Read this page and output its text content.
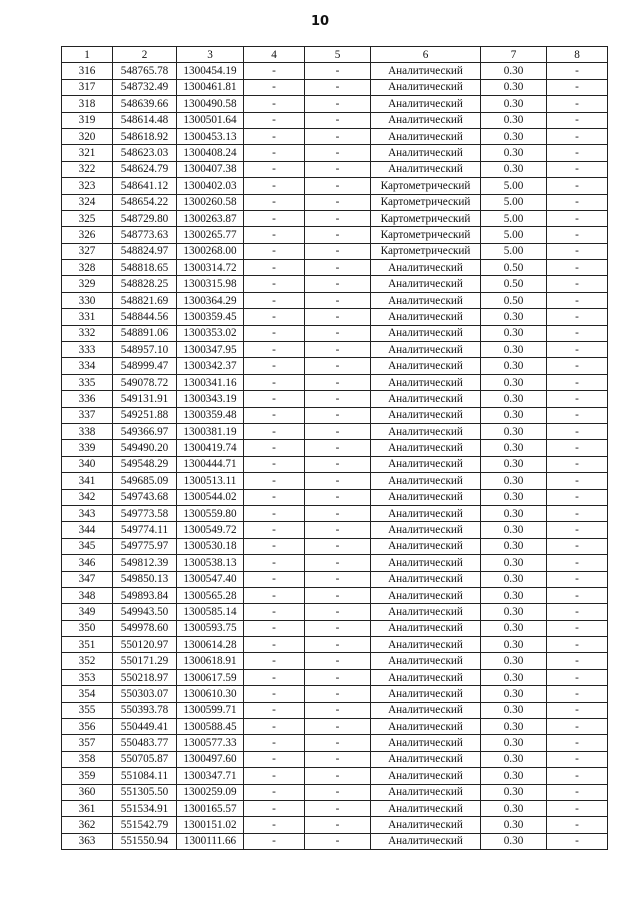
10
1	2	3	4	5	6	7	8
316	548765.78	1300454.19	-	-	Аналитический	0.30	-
317	548732.49	1300461.81	-	-	Аналитический	0.30	-
318	548639.66	1300490.58	-	-	Аналитический	0.30	-
319	548614.48	1300501.64	-	-	Аналитический	0.30	-
320	548618.92	1300453.13	-	-	Аналитический	0.30	-
321	548623.03	1300408.24	-	-	Аналитический	0.30	-
322	548624.79	1300407.38	-	-	Аналитический	0.30	-
323	548641.12	1300402.03	-	-	Картометрический	5.00	-
324	548654.22	1300260.58	-	-	Картометрический	5.00	-
325	548729.80	1300263.87	-	-	Картометрический	5.00	-
326	548773.63	1300265.77	-	-	Картометрический	5.00	-
327	548824.97	1300268.00	-	-	Картометрический	5.00	-
328	548818.65	1300314.72	-	-	Аналитический	0.50	-
329	548828.25	1300315.98	-	-	Аналитический	0.50	-
330	548821.69	1300364.29	-	-	Аналитический	0.50	-
331	548844.56	1300359.45	-	-	Аналитический	0.30	-
332	548891.06	1300353.02	-	-	Аналитический	0.30	-
333	548957.10	1300347.95	-	-	Аналитический	0.30	-
334	548999.47	1300342.37	-	-	Аналитический	0.30	-
335	549078.72	1300341.16	-	-	Аналитический	0.30	-
336	549131.91	1300343.19	-	-	Аналитический	0.30	-
337	549251.88	1300359.48	-	-	Аналитический	0.30	-
338	549366.97	1300381.19	-	-	Аналитический	0.30	-
339	549490.20	1300419.74	-	-	Аналитический	0.30	-
340	549548.29	1300444.71	-	-	Аналитический	0.30	-
341	549685.09	1300513.11	-	-	Аналитический	0.30	-
342	549743.68	1300544.02	-	-	Аналитический	0.30	-
343	549773.58	1300559.80	-	-	Аналитический	0.30	-
344	549774.11	1300549.72	-	-	Аналитический	0.30	-
345	549775.97	1300530.18	-	-	Аналитический	0.30	-
346	549812.39	1300538.13	-	-	Аналитический	0.30	-
347	549850.13	1300547.40	-	-	Аналитический	0.30	-
348	549893.84	1300565.28	-	-	Аналитический	0.30	-
349	549943.50	1300585.14	-	-	Аналитический	0.30	-
350	549978.60	1300593.75	-	-	Аналитический	0.30	-
351	550120.97	1300614.28	-	-	Аналитический	0.30	-
352	550171.29	1300618.91	-	-	Аналитический	0.30	-
353	550218.97	1300617.59	-	-	Аналитический	0.30	-
354	550303.07	1300610.30	-	-	Аналитический	0.30	-
355	550393.78	1300599.71	-	-	Аналитический	0.30	-
356	550449.41	1300588.45	-	-	Аналитический	0.30	-
357	550483.77	1300577.33	-	-	Аналитический	0.30	-
358	550705.87	1300497.60	-	-	Аналитический	0.30	-
359	551084.11	1300347.71	-	-	Аналитический	0.30	-
360	551305.50	1300259.09	-	-	Аналитический	0.30	-
361	551534.91	1300165.57	-	-	Аналитический	0.30	-
362	551542.79	1300151.02	-	-	Аналитический	0.30	-
363	551550.94	1300111.66	-	-	Аналитический	0.30	-
